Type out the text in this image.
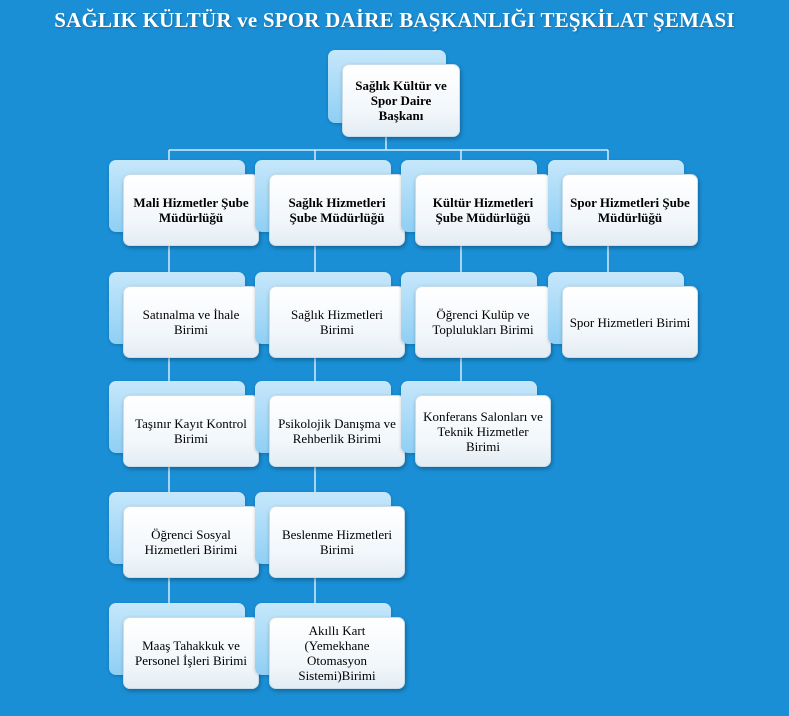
SAĞLIK KÜLTÜR ve SPOR DAİRE BAŞKANLIĞI TEŞKİLAT ŞEMASI
Sağlık Kültür ve Spor Daire Başkanı
Mali Hizmetler Şube Müdürlüğü
Satınalma ve İhale Birimi
Taşınır Kayıt Kontrol Birimi
Öğrenci Sosyal Hizmetleri Birimi
Maaş Tahakkuk ve Personel İşleri Birimi
Sağlık Hizmetleri Şube Müdürlüğü
Sağlık Hizmetleri Birimi
Psikolojik Danışma ve Rehberlik Birimi
Beslenme Hizmetleri Birimi
Akıllı Kart (Yemekhane Otomasyon Sistemi)Birimi
Kültür Hizmetleri Şube Müdürlüğü
Öğrenci Kulüp ve Toplulukları Birimi
Konferans Salonları ve Teknik Hizmetler Birimi
Spor Hizmetleri Şube Müdürlüğü
Spor Hizmetleri Birimi
